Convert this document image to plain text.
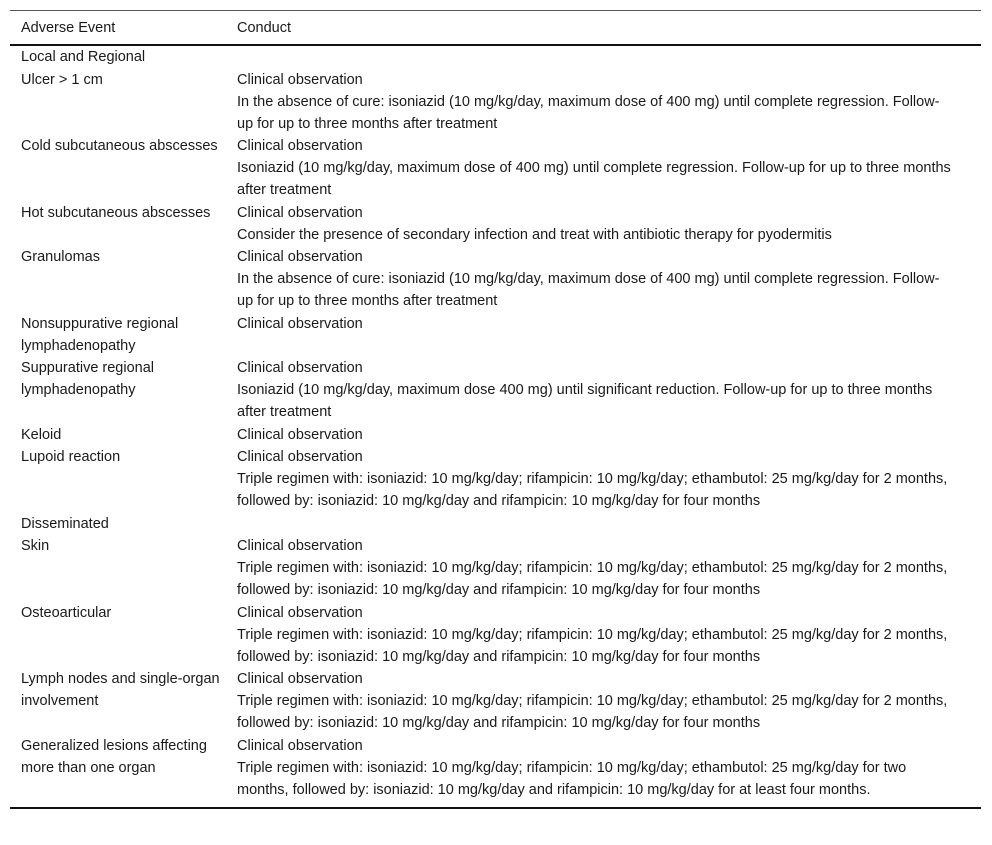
Adverse Event	Conduct
Local and Regional	
Ulcer > 1 cm	Clinical observation

In the absence of cure: isoniazid (10 mg/kg/day, maximum dose of 400 mg) until complete regression. Follow-up for up to three months after treatment

Cold subcutaneous abscesses	Clinical observation

Isoniazid (10 mg/kg/day, maximum dose of 400 mg) until complete regression. Follow-up for up to three months after treatment

Hot subcutaneous abscesses	Clinical observation

Consider the presence of secondary infection and treat with antibiotic therapy for pyodermitis

Granulomas	Clinical observation

In the absence of cure: isoniazid (10 mg/kg/day, maximum dose of 400 mg) until complete regression. Follow-up for up to three months after treatment

Nonsuppurative regional lymphadenopathy	Clinical observation

Suppurative regional lymphadenopathy	Clinical observation

Isoniazid (10 mg/kg/day, maximum dose 400 mg) until significant reduction. Follow-up for up to three months after treatment

Keloid	Clinical observation

Lupoid reaction	Clinical observation

Triple regimen with: isoniazid: 10 mg/kg/day; rifampicin: 10 mg/kg/day; ethambutol: 25 mg/kg/day for 2 months, followed by: isoniazid: 10 mg/kg/day and rifampicin: 10 mg/kg/day for four months

Disseminated	
Skin	Clinical observation

Triple regimen with: isoniazid: 10 mg/kg/day; rifampicin: 10 mg/kg/day; ethambutol: 25 mg/kg/day for 2 months, followed by: isoniazid: 10 mg/kg/day and rifampicin: 10 mg/kg/day for four months

Osteoarticular	Clinical observation

Triple regimen with: isoniazid: 10 mg/kg/day; rifampicin: 10 mg/kg/day; ethambutol: 25 mg/kg/day for 2 months, followed by: isoniazid: 10 mg/kg/day and rifampicin: 10 mg/kg/day for four months

Lymph nodes and single-organ involvement	Clinical observation

Triple regimen with: isoniazid: 10 mg/kg/day; rifampicin: 10 mg/kg/day; ethambutol: 25 mg/kg/day for 2 months, followed by: isoniazid: 10 mg/kg/day and rifampicin: 10 mg/kg/day for four months

Generalized lesions affecting more than one organ	Clinical observation

Triple regimen with: isoniazid: 10 mg/kg/day; rifampicin: 10 mg/kg/day; ethambutol: 25 mg/kg/day for two months, followed by: isoniazid: 10 mg/kg/day and rifampicin: 10 mg/kg/day for at least four months.
